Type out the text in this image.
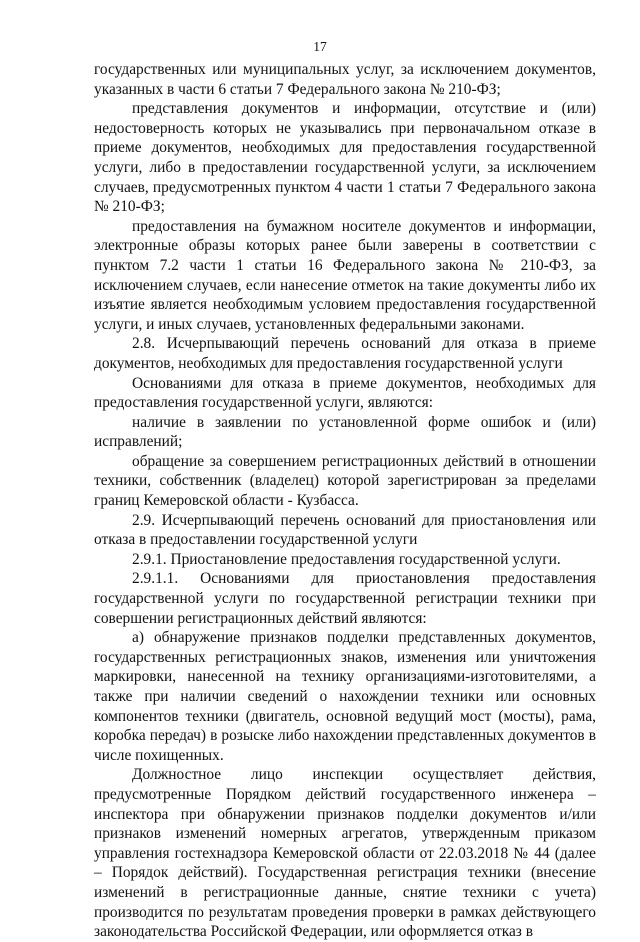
17

государственных или муниципальных услуг, за исключением документов, указанных в части 6 статьи 7 Федерального закона № 210-ФЗ;

представления документов и информации, отсутствие и (или) недостоверность которых не указывались при первоначальном отказе в приеме документов, необходимых для предоставления государственной услуги, либо в предоставлении государственной услуги, за исключением случаев, предусмотренных пунктом 4 части 1 статьи 7 Федерального закона № 210-ФЗ;

предоставления на бумажном носителе документов и информации, электронные образы которых ранее были заверены в соответствии с пунктом 7.2 части 1 статьи 16 Федерального закона № 210-ФЗ, за исключением случаев, если нанесение отметок на такие документы либо их изъятие является необходимым условием предоставления государственной услуги, и иных случаев, установленных федеральными законами.

2.8. Исчерпывающий перечень оснований для отказа в приеме документов, необходимых для предоставления государственной услуги

Основаниями для отказа в приеме документов, необходимых для предоставления государственной услуги, являются:

наличие в заявлении по установленной форме ошибок и (или) исправлений;

обращение за совершением регистрационных действий в отношении техники, собственник (владелец) которой зарегистрирован за пределами границ Кемеровской области - Кузбасса.

2.9. Исчерпывающий перечень оснований для приостановления или отказа в предоставлении государственной услуги

2.9.1. Приостановление предоставления государственной услуги.

2.9.1.1. Основаниями для приостановления предоставления государственной услуги по государственной регистрации техники при совершении регистрационных действий являются:

а) обнаружение признаков подделки представленных документов, государственных регистрационных знаков, изменения или уничтожения маркировки, нанесенной на технику организациями-изготовителями, а также при наличии сведений о нахождении техники или основных компонентов техники (двигатель, основной ведущий мост (мосты), рама, коробка передач) в розыске либо нахождении представленных документов в числе похищенных.

Должностное лицо инспекции осуществляет действия, предусмотренные Порядком действий государственного инженера – инспектора при обнаружении признаков подделки документов и/или признаков изменений номерных агрегатов, утвержденным приказом управления гостехнадзора Кемеровской области от 22.03.2018 № 44 (далее – Порядок действий). Государственная регистрация техники (внесение изменений в регистрационные данные, снятие техники с учета) производится по результатам проведения проверки в рамках действующего законодательства Российской Федерации, или оформляется отказ в
